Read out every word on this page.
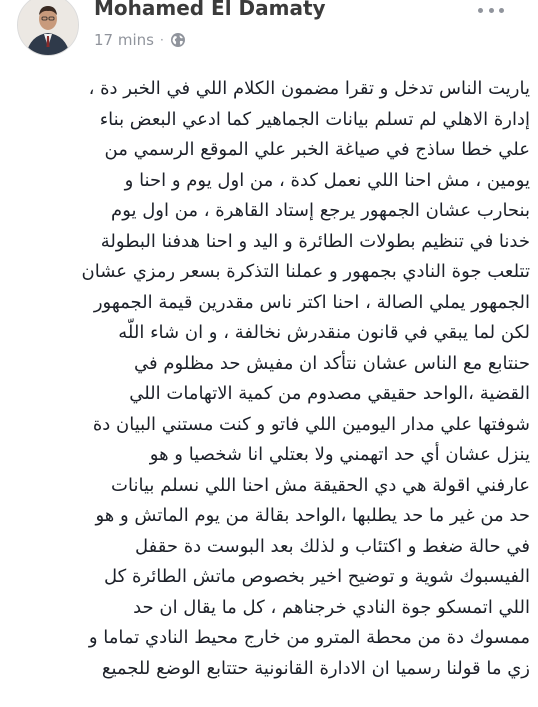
Mohamed El Damaty
17 mins ·
ياريت الناس تدخل و تقرا مضمون الكلام اللي في الخبر دة ،
إدارة الاهلي لم تسلم بيانات الجماهير كما ادعي البعض بناء
علي خطا ساذج في صياغة الخبر علي الموقع الرسمي من
يومين ، مش احنا اللي نعمل كدة ، من اول يوم و احنا و
بنحارب عشان الجمهور يرجع إستاد القاهرة ، من اول يوم
خدنا في تنظيم بطولات الطائرة و اليد و احنا هدفنا البطولة
تتلعب جوة النادي بجمهور و عملنا التذكرة بسعر رمزي عشان
الجمهور يملي الصالة ، احنا اكتر ناس مقدرين قيمة الجمهور
لكن لما يبقي في قانون منقدرش نخالفة ، و ان شاء اللّه
حنتابع مع الناس عشان نتأكد ان مفيش حد مظلوم في
القضية ،الواحد حقيقي مصدوم من كمية الاتهامات اللي
شوفتها علي مدار اليومين اللي فاتو و كنت مستني البيان دة
ينزل عشان أي حد اتهمني ولا بعتلي انا شخصيا و هو
عارفني اقولة هي دي الحقيقة مش احنا اللي نسلم بيانات
حد من غير ما حد يطلبها ،الواحد بقالة من يوم الماتش و هو
في حالة ضغط و اكتئاب و لذلك بعد البوست دة حقفل
الفيسبوك شوية و توضيح اخير بخصوص ماتش الطائرة كل
اللي اتمسكو جوة النادي خرجناهم ، كل ما يقال ان حد
ممسوك دة من محطة المترو من خارج محيط النادي تماما و
زي ما قولنا رسميا ان الادارة القانونية حتتابع الوضع للجميع
